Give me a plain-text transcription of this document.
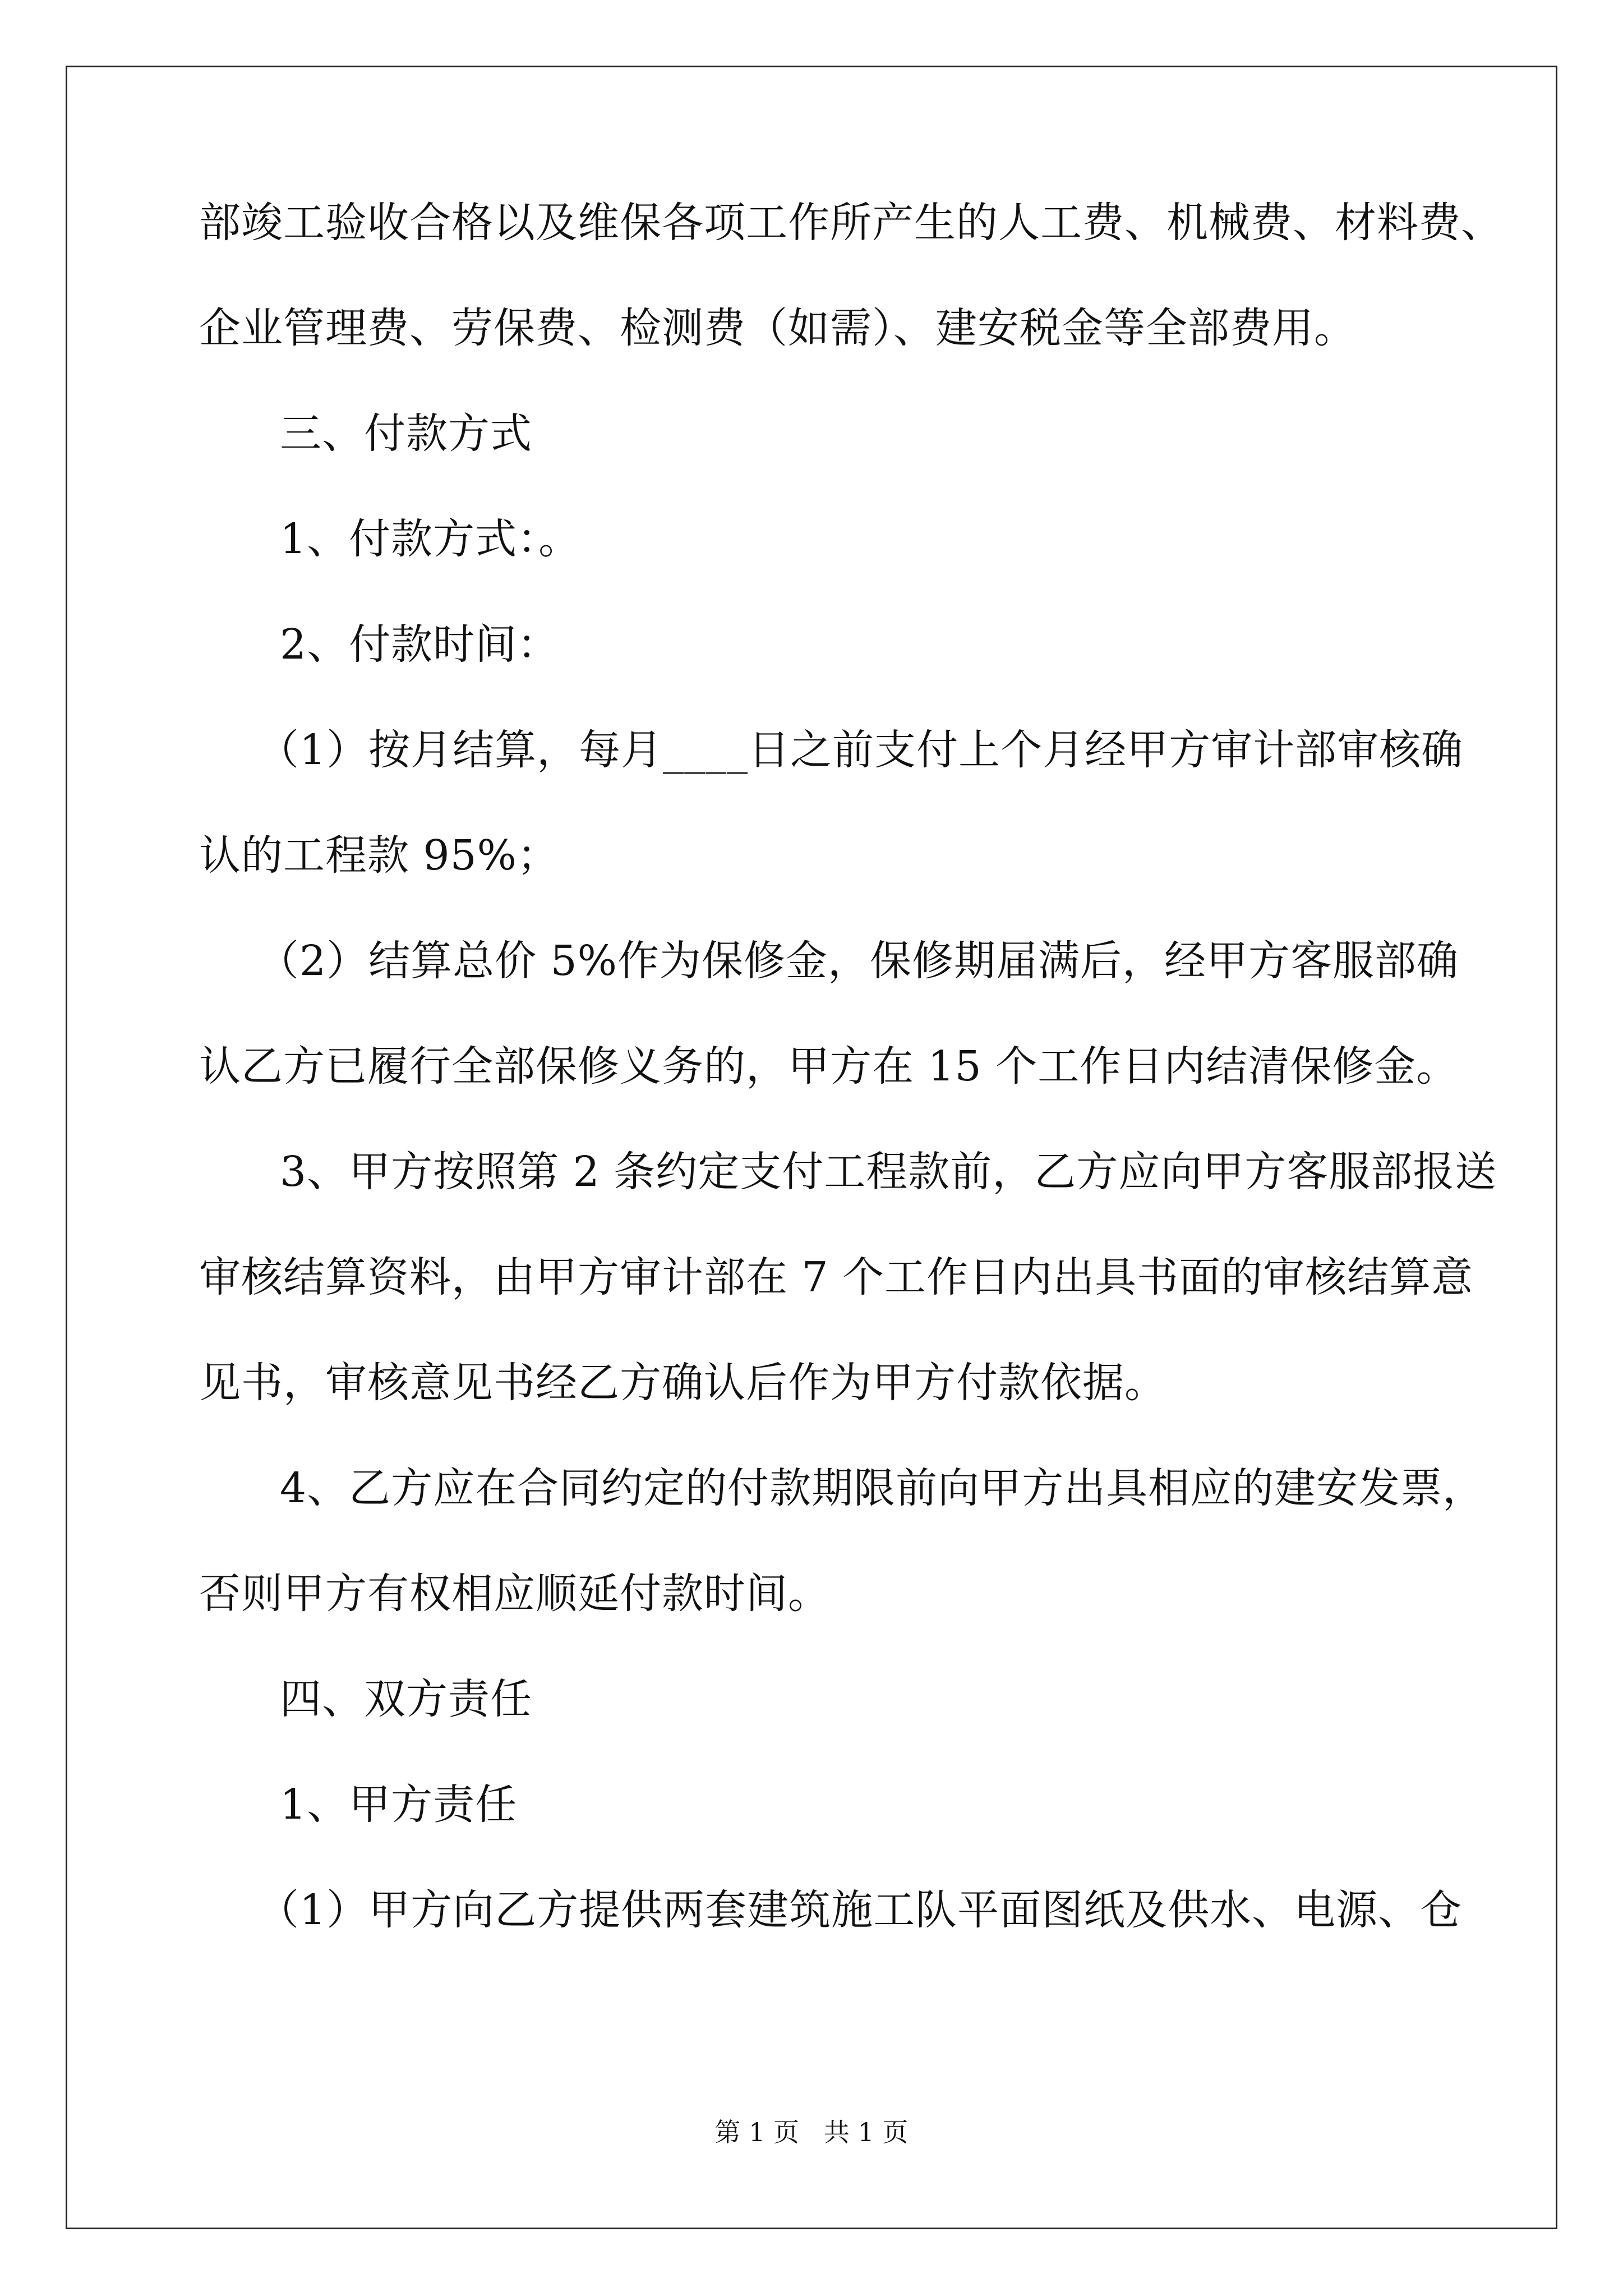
部竣工验收合格以及维保各项工作所产生的人工费、机械费、材料费、
企业管理费、劳保费、检测费（如需）、建安税金等全部费用。
三、付款方式
1、付款方式：。
2、付款时间：
（1）按月结算，每月____日之前支付上个月经甲方审计部审核确
认的工程款 95%；
（2）结算总价 5%作为保修金，保修期届满后，经甲方客服部确
认乙方已履行全部保修义务的，甲方在 15 个工作日内结清保修金。
3、甲方按照第 2 条约定支付工程款前，乙方应向甲方客服部报送
审核结算资料，由甲方审计部在 7 个工作日内出具书面的审核结算意
见书，审核意见书经乙方确认后作为甲方付款依据。
4、乙方应在合同约定的付款期限前向甲方出具相应的建安发票，
否则甲方有权相应顺延付款时间。
四、双方责任
1、甲方责任
（1）甲方向乙方提供两套建筑施工队平面图纸及供水、电源、仓
第 1 页   共 1 页
